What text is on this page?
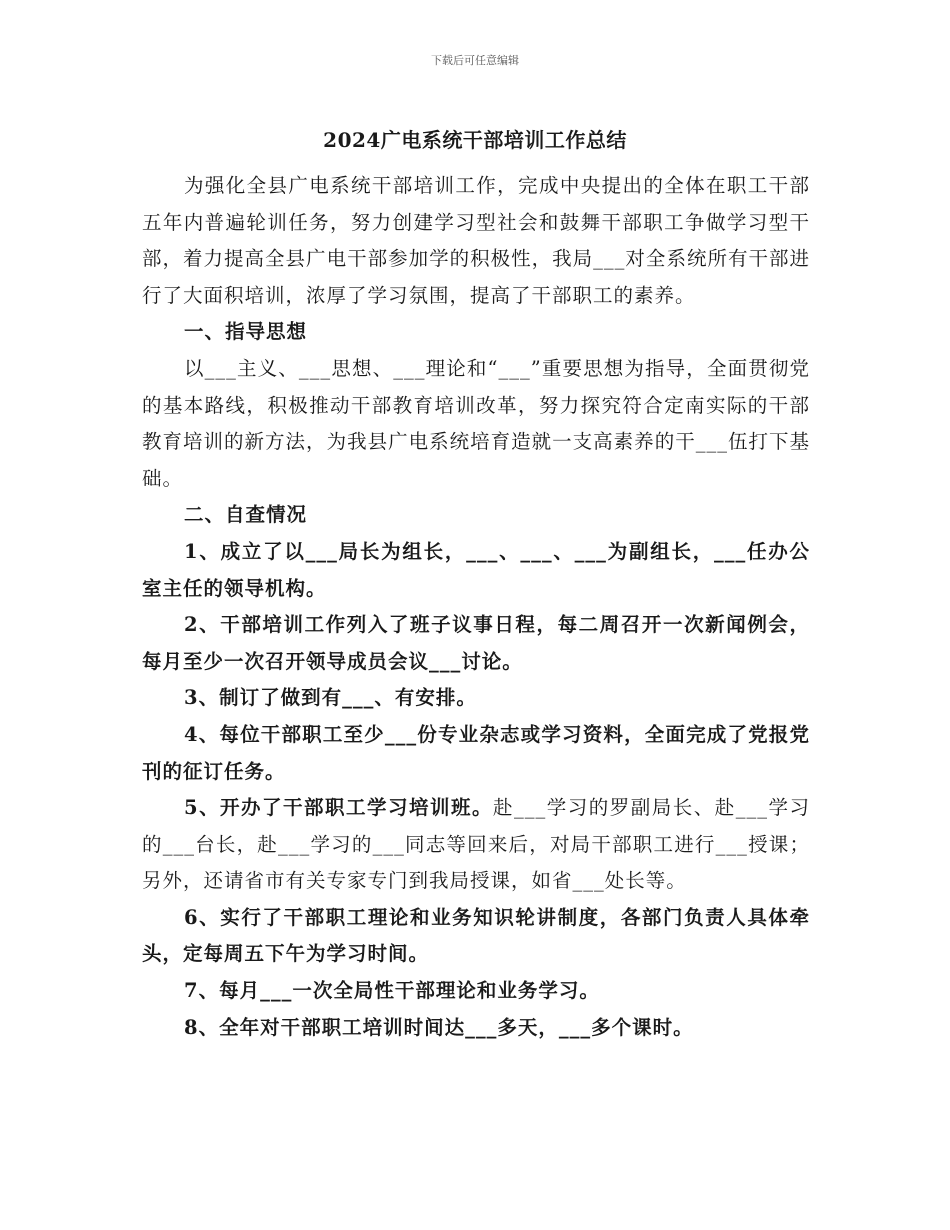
下载后可任意编辑
2024广电系统干部培训工作总结

为强化全县广电系统干部培训工作，完成中央提出的全体在职工干部五年内普遍轮训任务，努力创建学习型社会和鼓舞干部职工争做学习型干部，着力提高全县广电干部参加学的积极性，我局___对全系统所有干部进行了大面积培训，浓厚了学习氛围，提高了干部职工的素养。

一、指导思想

以___主义、___思想、___理论和“___”重要思想为指导，全面贯彻党的基本路线，积极推动干部教育培训改革，努力探究符合定南实际的干部教育培训的新方法，为我县广电系统培育造就一支高素养的干___伍打下基础。

二、自查情况

1、成立了以___局长为组长，___、___、___为副组长，___任办公室主任的领导机构。

2、干部培训工作列入了班子议事日程，每二周召开一次新闻例会，每月至少一次召开领导成员会议___讨论。

3、制订了做到有___、有安排。

4、每位干部职工至少___份专业杂志或学习资料，全面完成了党报党刊的征订任务。

5、开办了干部职工学习培训班。赴___学习的罗副局长、赴___学习的___台长，赴___学习的___同志等回来后，对局干部职工进行___授课；另外，还请省市有关专家专门到我局授课，如省___处长等。

6、实行了干部职工理论和业务知识轮讲制度，各部门负责人具体牵头，定每周五下午为学习时间。

7、每月___一次全局性干部理论和业务学习。

8、全年对干部职工培训时间达___多天，___多个课时。
